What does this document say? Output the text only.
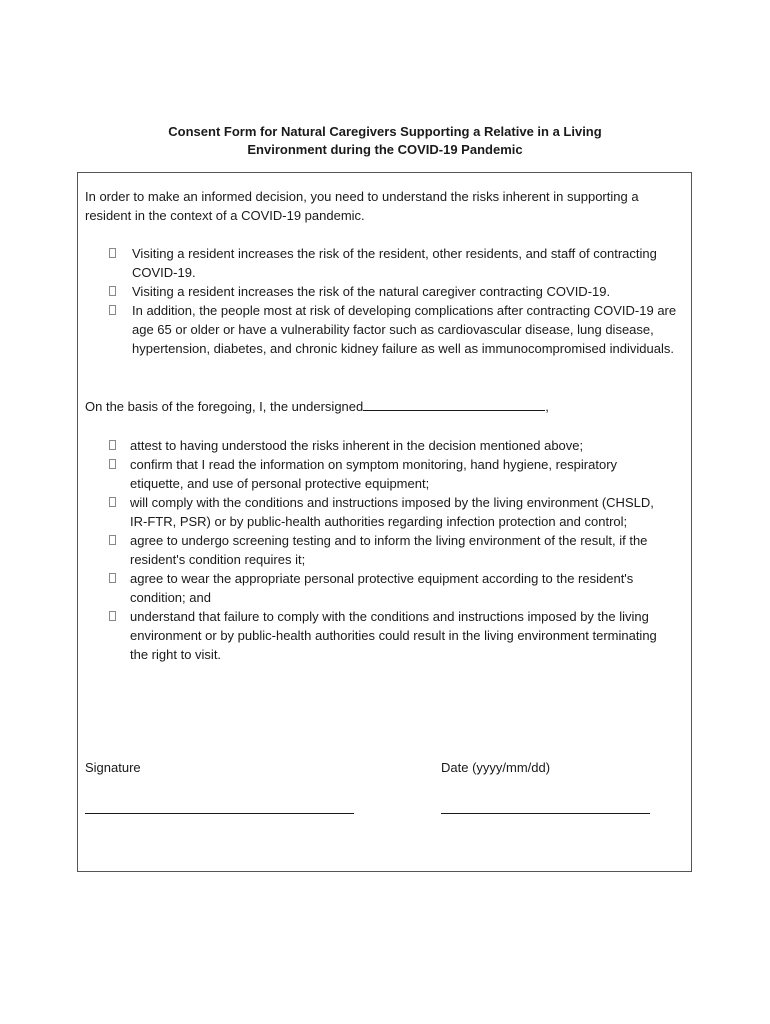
Consent Form for Natural Caregivers Supporting a Relative in a Living
Environment during the COVID-19 Pandemic

In order to make an informed decision, you need to understand the risks inherent in supporting a resident in the context of a COVID-19 pandemic.

Visiting a resident increases the risk of the resident, other residents, and staff of contracting COVID-19.
Visiting a resident increases the risk of the natural caregiver contracting COVID-19.
In addition, the people most at risk of developing complications after contracting COVID-19 are age 65 or older or have a vulnerability factor such as cardiovascular disease, lung disease, hypertension, diabetes, and chronic kidney failure as well as immunocompromised individuals.

On the basis of the foregoing, I, the undersigned	,

attest to having understood the risks inherent in the decision mentioned above;
confirm that I read the information on symptom monitoring, hand hygiene, respiratory etiquette, and use of personal protective equipment;
will comply with the conditions and instructions imposed by the living environment (CHSLD, IR-FTR, PSR) or by public-health authorities regarding infection protection and control;
agree to undergo screening testing and to inform the living environment of the result, if the resident's condition requires it;
agree to wear the appropriate personal protective equipment according to the resident's condition; and
understand that failure to comply with the conditions and instructions imposed by the living environment or by public-health authorities could result in the living environment terminating the right to visit.

Signature	Date (yyyy/mm/dd)
